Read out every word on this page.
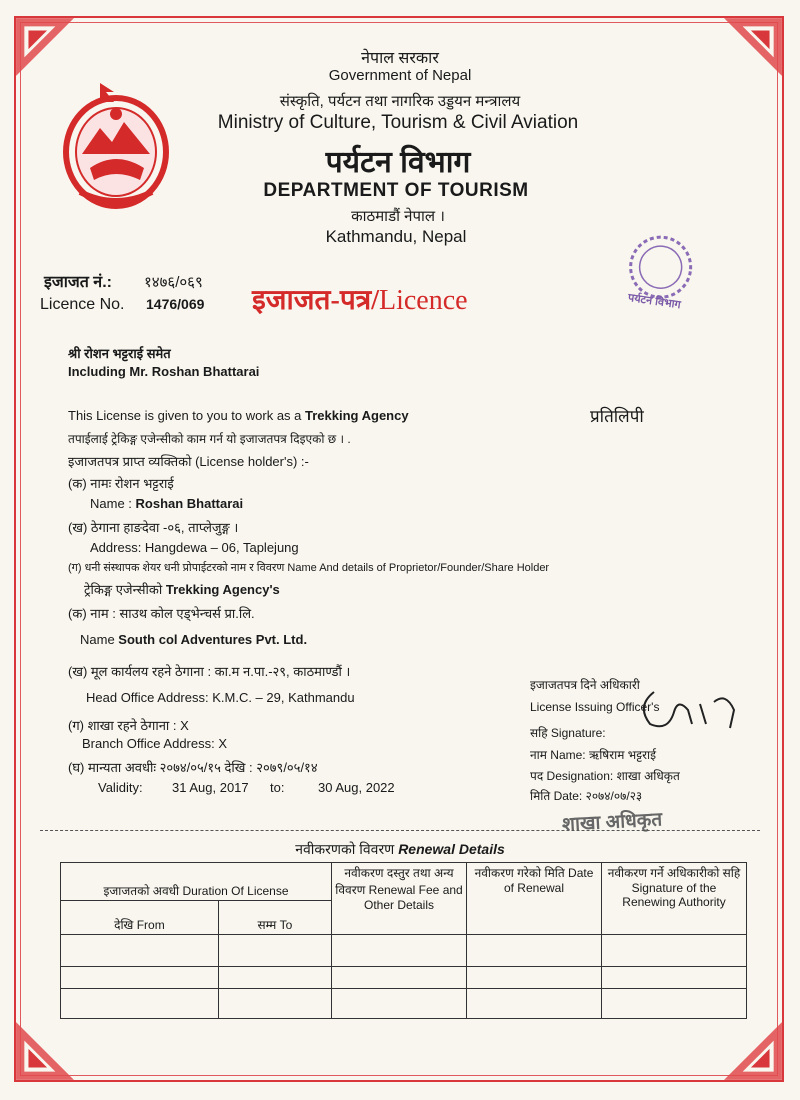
नेपाल सरकार
Government of Nepal
संस्कृति, पर्यटन तथा नागरिक उड्डयन मन्त्रालय
Ministry of Culture, Tourism & Civil Aviation
पर्यटन विभाग
DEPARTMENT OF TOURISM
काठमाडौं नेपाल ।
Kathmandu, Nepal
पर्यटन विभाग
इजाजत नं.: १४७६/०६९
Licence No. 1476/069 इजाजत-पत्र/Licence
श्री रोशन भट्टराई समेत
Including Mr. Roshan Bhattarai
This License is given to you to work as a Trekking Agency	प्रतिलिपी
तपाईलाई ट्रेकिङ्ग एजेन्सीको काम गर्न यो इजाजतपत्र दिइएको छ । .
इजाजतपत्र प्राप्त व्यक्तिको (License holder's) :-
(क) नामः रोशन भट्टराई
Name : Roshan Bhattarai
(ख) ठेगाना हाङदेवा -०६, ताप्लेजुङ्ग ।
Address: Hangdewa – 06, Taplejung
(ग) धनी संस्थापक शेयर धनी प्रोपाईटरको नाम र विवरण Name And details of Proprietor/Founder/Share Holder
ट्रेकिङ्ग एजेन्सीको Trekking Agency's
(क) नाम : साउथ कोल एड्भेन्चर्स प्रा.लि.
Name South col Adventures Pvt. Ltd.
(ख) मूल कार्यलय रहने ठेगाना : का.म न.पा.-२९, काठमाण्डौं ।
Head Office Address: K.M.C. – 29, Kathmandu
(ग) शाखा रहने ठेगाना : X
Branch Office Address: X
(घ) मान्यता अवधीः २०७४/०५/१५ देखि : २०७९/०५/१४
Validity: 31 Aug, 2017 to:	30 Aug, 2022
इजाजतपत्र दिने अधिकारी
License Issuing Officer's
सहि Signature:
नाम Name: ऋषिराम भट्टराई
पद Designation: शाखा अधिकृत
मिति Date: २०७४/०७/२३
शाखा अधिकृत
नवीकरणको विवरण Renewal Details
इजाजतको अवधी Duration Of License		नवीकरण दस्तुर तथा अन्य विवरण Renewal Fee and Other Details	नवीकरण गरेको मिति Date of Renewal	नवीकरण गर्ने अधिकारीको सहि Signature of the Renewing Authority
देखि From	सम्म To			
